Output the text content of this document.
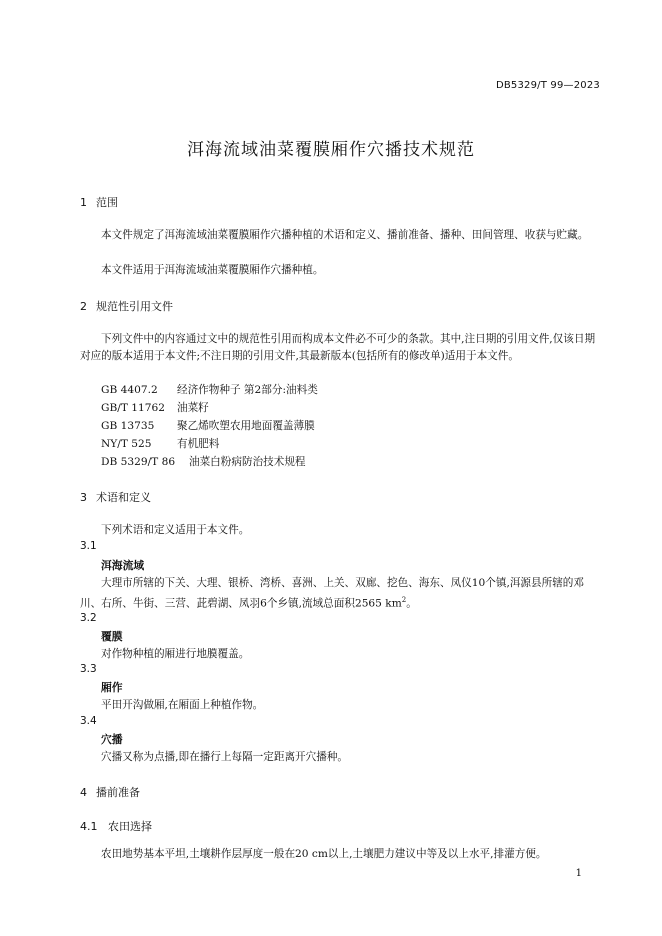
DB5329/T 99—2023
洱海流域油菜覆膜厢作穴播技术规范
1 范围
本文件规定了洱海流域油菜覆膜厢作穴播种植的术语和定义、播前准备、播种、田间管理、收获与贮藏。
本文件适用于洱海流域油菜覆膜厢作穴播种植。
2 规范性引用文件
下列文件中的内容通过文中的规范性引用而构成本文件必不可少的条款。其中,注日期的引用文件,仅该日期对应的版本适用于本文件;不注日期的引用文件,其最新版本(包括所有的修改单)适用于本文件。
GB 4407.2 经济作物种子 第2部分:油料类
GB/T 11762 油菜籽
GB 13735 聚乙烯吹塑农用地面覆盖薄膜
NY/T 525 有机肥料
DB 5329/T 86 油菜白粉病防治技术规程
3 术语和定义
下列术语和定义适用于本文件。
3.1
洱海流域
大理市所辖的下关、大理、银桥、湾桥、喜洲、上关、双廊、挖色、海东、凤仪10个镇,洱源县所辖的邓川、右所、牛街、三营、茈碧湖、凤羽6个乡镇,流域总面积2565 $km^2$。
3.2
覆膜
对作物种植的厢进行地膜覆盖。
3.3
厢作
平田开沟做厢,在厢面上种植作物。
3.4
穴播
穴播又称为点播,即在播行上每隔一定距离开穴播种。
4 播前准备
4.1 农田选择
农田地势基本平坦,土壤耕作层厚度一般在20 cm以上,土壤肥力建议中等及以上水平,排灌方便。
1
